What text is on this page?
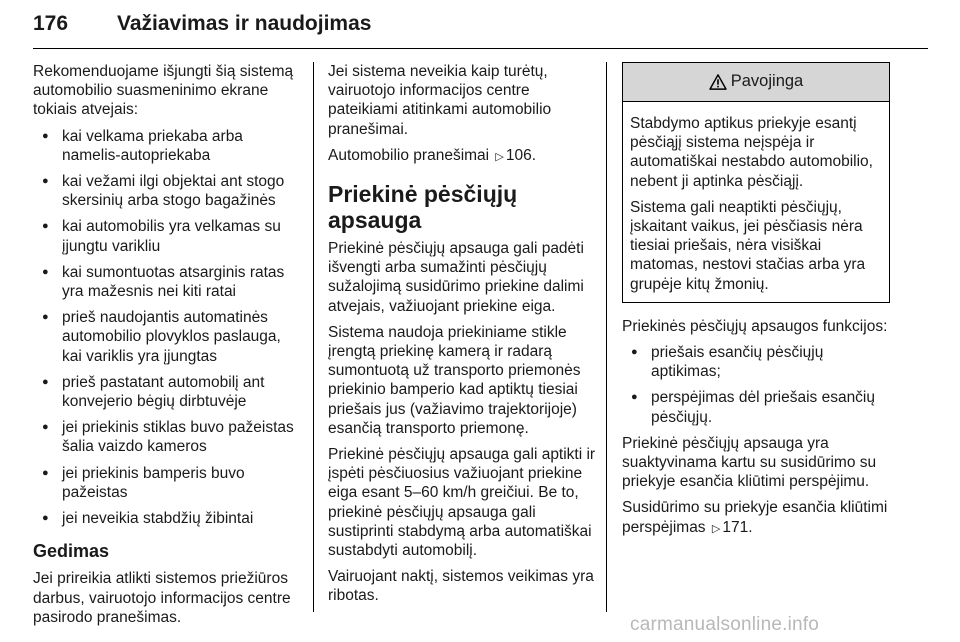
176 Važiavimas ir naudojimas

Rekomenduojame išjungti šią sistemą automobilio suasmeninimo ekrane tokiais atvejais:

● kai velkama priekaba arba namelis-autopriekaba
● kai vežami ilgi objektai ant stogo skersinių arba stogo bagažinės
● kai automobilis yra velkamas su įjungtu varikliu
● kai sumontuotas atsarginis ratas yra mažesnis nei kiti ratai
● prieš naudojantis automatinės automobilio plovyklos paslauga, kai variklis yra įjungtas
● prieš pastatant automobilį ant konvejerio bėgių dirbtuvėje
● jei priekinis stiklas buvo pažeistas šalia vaizdo kameros
● jei priekinis bamperis buvo pažeistas
● jei neveikia stabdžių žibintai
Gedimas

Jei prireikia atlikti sistemos priežiūros darbus, vairuotojo informacijos centre pasirodo pranešimas.

Jei sistema neveikia kaip turėtų, vairuotojo informacijos centre pateikiami atitinkami automobilio pranešimai.

Automobilio pranešimai ▷ 106.

Priekinė pėsčiųjų apsauga

Priekinė pėsčiųjų apsauga gali padėti išvengti arba sumažinti pėsčiųjų sužalojimą susidūrimo priekine dalimi atvejais, važiuojant priekine eiga.

Sistema naudoja priekiniame stikle įrengtą priekinę kamerą ir radarą sumontuotą už transporto priemonės priekinio bamperio kad aptiktų tiesiai priešais jus (važiavimo trajektorijoje) esančią transporto priemonę.

Priekinė pėsčiųjų apsauga gali aptikti ir įspėti pėsčiuosius važiuojant priekine eiga esant 5–60 km/h greičiui. Be to, priekinė pėsčiųjų apsauga gali sustiprinti stabdymą arba automatiškai sustabdyti automobilį.

Vairuojant naktį, sistemos veikimas yra ribotas.

Pavojinga

Stabdymo aptikus priekyje esantį pėsčiąjį sistema neįspėja ir automatiškai nestabdo automobilio, nebent ji aptinka pėsčiąjį.

Sistema gali neaptikti pėsčiųjų, įskaitant vaikus, jei pėsčiasis nėra tiesiai priešais, nėra visiškai matomas, nestovi stačias arba yra grupėje kitų žmonių.

Priekinės pėsčiųjų apsaugos funkcijos:

● priešais esančių pėsčiųjų aptikimas;
● perspėjimas dėl priešais esančių pėsčiųjų.

Priekinė pėsčiųjų apsauga yra suaktyvinama kartu su susidūrimo su priekyje esančia kliūtimi perspėjimu.

Susidūrimo su priekyje esančia kliūtimi perspėjimas ▷ 171.

carmanualsonline.info
